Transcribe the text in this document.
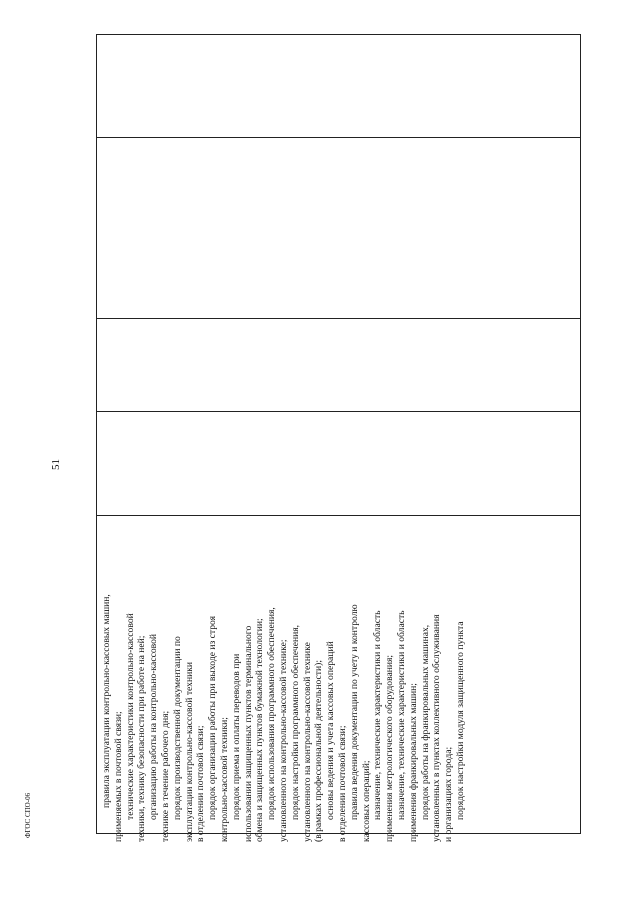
51
правила эксплуатации контрольно-кассовых машин, применяемых в почтовой связи; технические характеристики контрольно-кассовой техники, технику безопасности при работе на ней; организацию работы на контрольно-кассовой технике в течение рабочего дня; порядок производственной документации по эксплуатации контрольно-кассовой техники в отделении почтовой связи; порядок организации работы при выходе из строя контрольно-кассовой техники; порядок приема и оплаты переводов при использовании защищенных пунктов терминального обмена и защищенных пунктов бумажной технологии; порядок использования программного обеспечения, установленного на контрольно-кассовой технике; порядок настройки программного обеспечения, установленного на контрольно-кассовой технике (в рамках профессиональной деятельности); основы ведения и учета кассовых операций в отделении почтовой связи; правила ведения документации по учету и контролю кассовых операций; назначение, технические характеристики и область применения метрологического оборудования; назначение, технические характеристики и область применения франкировальных машин; порядок работы на франкировальных машинах, установленных в пунктах коллективного обслуживания и организациях города; порядок настройки модуля защищенного пункта
ФГОС СПО-06
